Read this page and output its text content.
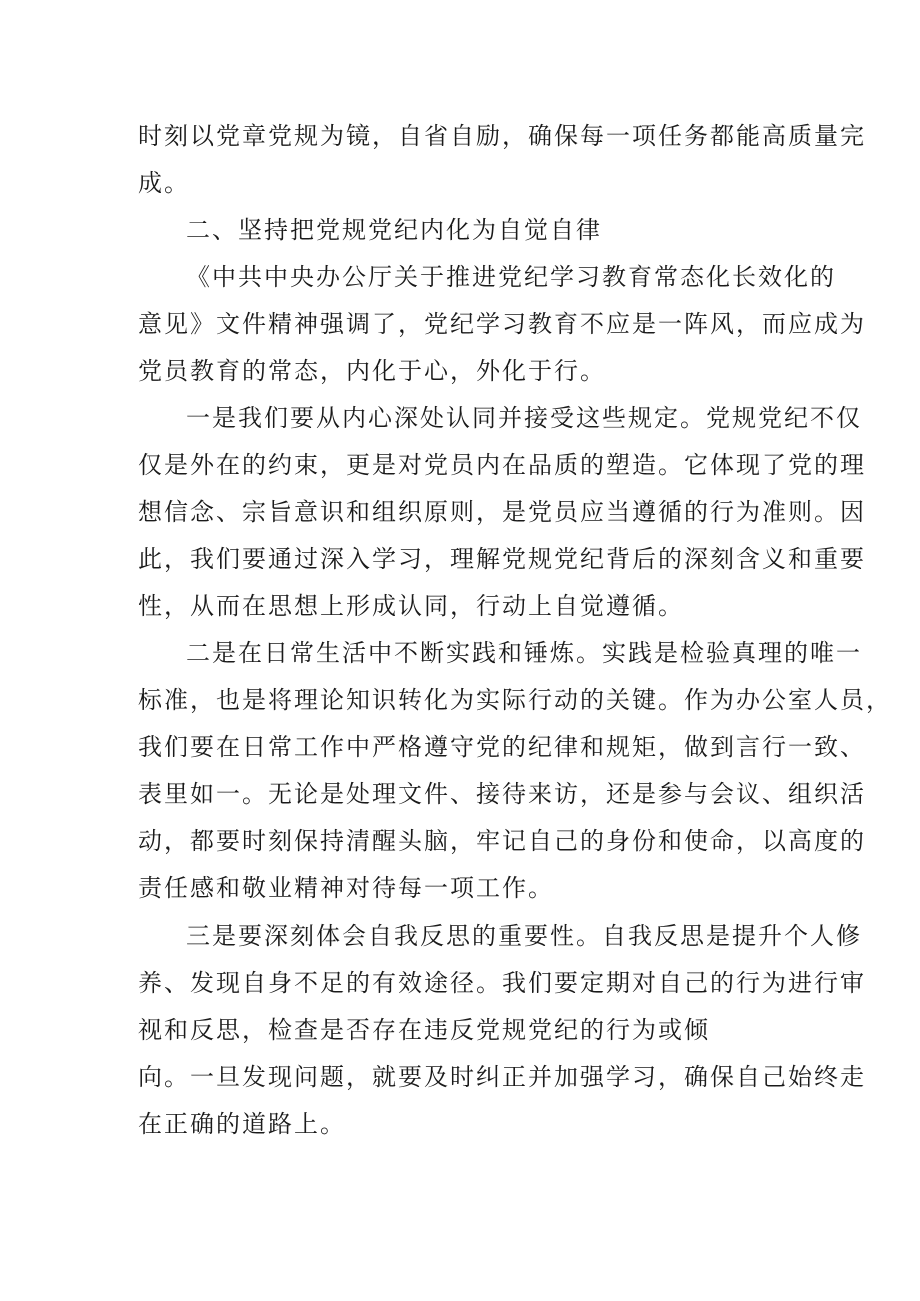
时刻以党章党规为镜，自省自励，确保每一项任务都能高质量完
成。
二、坚持把党规党纪内化为自觉自律
《中共中央办公厅关于推进党纪学习教育常态化长效化的
意见》文件精神强调了，党纪学习教育不应是一阵风，而应成为
党员教育的常态，内化于心，外化于行。
一是我们要从内心深处认同并接受这些规定。党规党纪不仅
仅是外在的约束，更是对党员内在品质的塑造。它体现了党的理
想信念、宗旨意识和组织原则，是党员应当遵循的行为准则。因
此，我们要通过深入学习，理解党规党纪背后的深刻含义和重要
性，从而在思想上形成认同，行动上自觉遵循。
二是在日常生活中不断实践和锤炼。实践是检验真理的唯一
标准，也是将理论知识转化为实际行动的关键。作为办公室人员，
我们要在日常工作中严格遵守党的纪律和规矩，做到言行一致、
表里如一。无论是处理文件、接待来访，还是参与会议、组织活
动，都要时刻保持清醒头脑，牢记自己的身份和使命，以高度的
责任感和敬业精神对待每一项工作。
三是要深刻体会自我反思的重要性。自我反思是提升个人修
养、发现自身不足的有效途径。我们要定期对自己的行为进行审
视和反思，检查是否存在违反党规党纪的行为或倾
向。一旦发现问题，就要及时纠正并加强学习，确保自己始终走
在正确的道路上。
